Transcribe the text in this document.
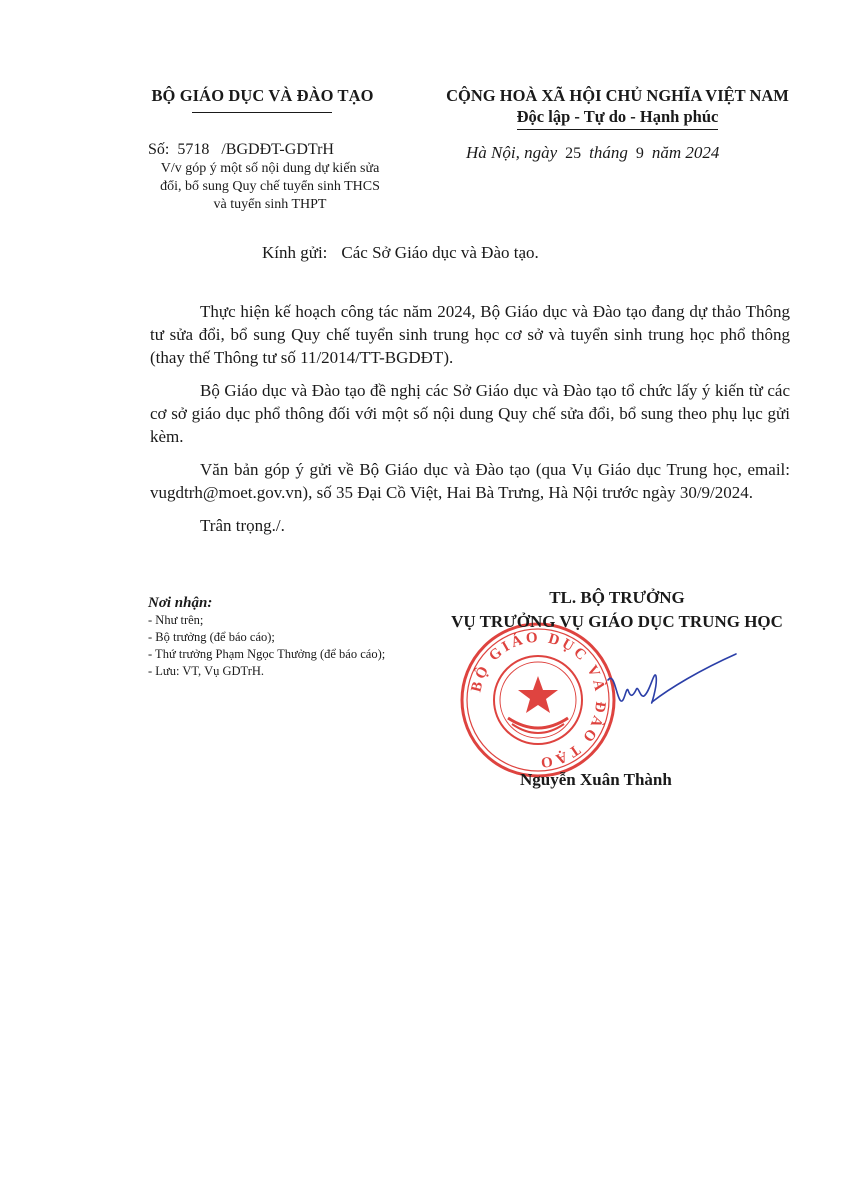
BỘ GIÁO DỤC VÀ ĐÀO TẠO	CỘNG HOÀ XÃ HỘI CHỦ NGHĨA VIỆT NAM
Độc lập - Tự do - Hạnh phúc
Số: 5718 /BGDĐT-GDTrH
V/v góp ý một số nội dung dự kiến sửa
đổi, bổ sung Quy chế tuyển sinh THCS
và tuyển sinh THPT
Hà Nội, ngày 25 tháng 9 năm 2024
Kính gửi: Các Sở Giáo dục và Đào tạo.

Thực hiện kế hoạch công tác năm 2024, Bộ Giáo dục và Đào tạo đang dự thảo Thông tư sửa đổi, bổ sung Quy chế tuyển sinh trung học cơ sở và tuyển sinh trung học phổ thông (thay thế Thông tư số 11/2014/TT-BGDĐT).

Bộ Giáo dục và Đào tạo đề nghị các Sở Giáo dục và Đào tạo tổ chức lấy ý kiến từ các cơ sở giáo dục phổ thông đối với một số nội dung Quy chế sửa đổi, bổ sung theo phụ lục gửi kèm.

Văn bản góp ý gửi về Bộ Giáo dục và Đào tạo (qua Vụ Giáo dục Trung học, email: vugdtrh@moet.gov.vn), số 35 Đại Cồ Việt, Hai Bà Trưng, Hà Nội trước ngày 30/9/2024.

Trân trọng./.

Nơi nhận:
- Như trên;
- Bộ trưởng (để báo cáo);
- Thứ trưởng Phạm Ngọc Thưởng (để báo cáo);
- Lưu: VT, Vụ GDTrH.
BỘ GIÁO DỤC VÀ ĐÀO TẠO
TL. BỘ TRƯỞNG
VỤ TRƯỞNG VỤ GIÁO DỤC TRUNG HỌC
Nguyễn Xuân Thành
